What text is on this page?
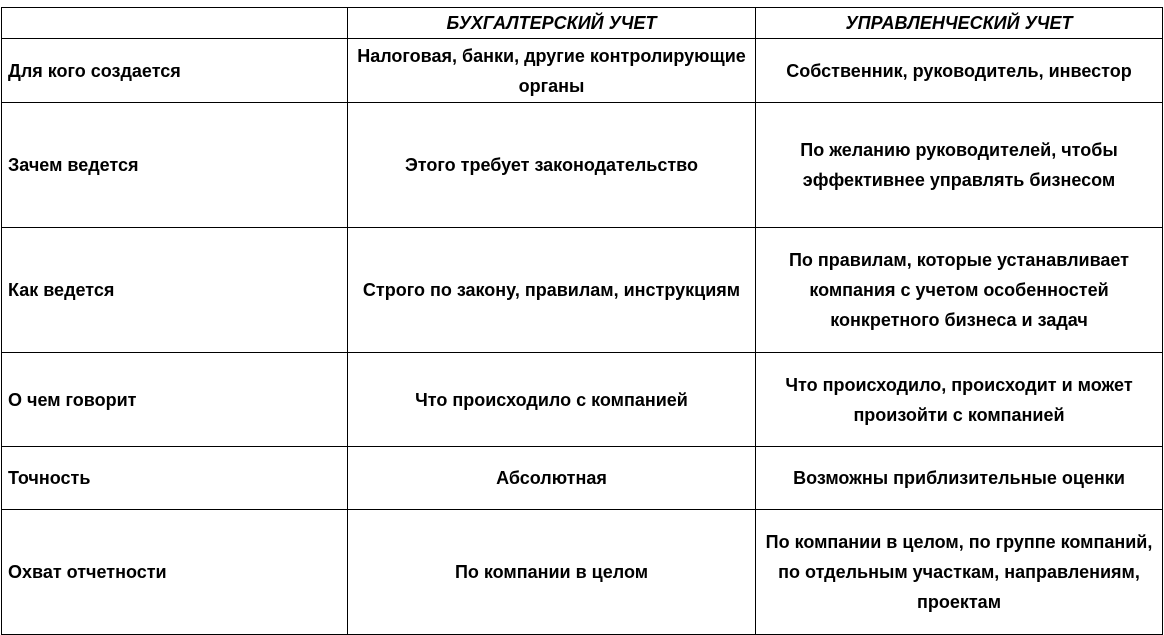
	БУХГАЛТЕРСКИЙ УЧЕТ	УПРАВЛЕНЧЕСКИЙ УЧЕТ
Для кого создается	Налоговая, банки, другие контролирующие органы	Собственник, руководитель, инвестор
Зачем ведется	Этого требует законодательство	По желанию руководителей, чтобы эффективнее управлять бизнесом
Как ведется	Строго по закону, правилам, инструкциям	По правилам, которые устанавливает компания с учетом особенностей конкретного бизнеса и задач
О чем говорит	Что происходило с компанией	Что происходило, происходит и может произойти с компанией
Точность	Абсолютная	Возможны приблизительные оценки
Охват отчетности	По компании в целом	По компании в целом, по группе компаний, по отдельным участкам, направлениям, проектам
